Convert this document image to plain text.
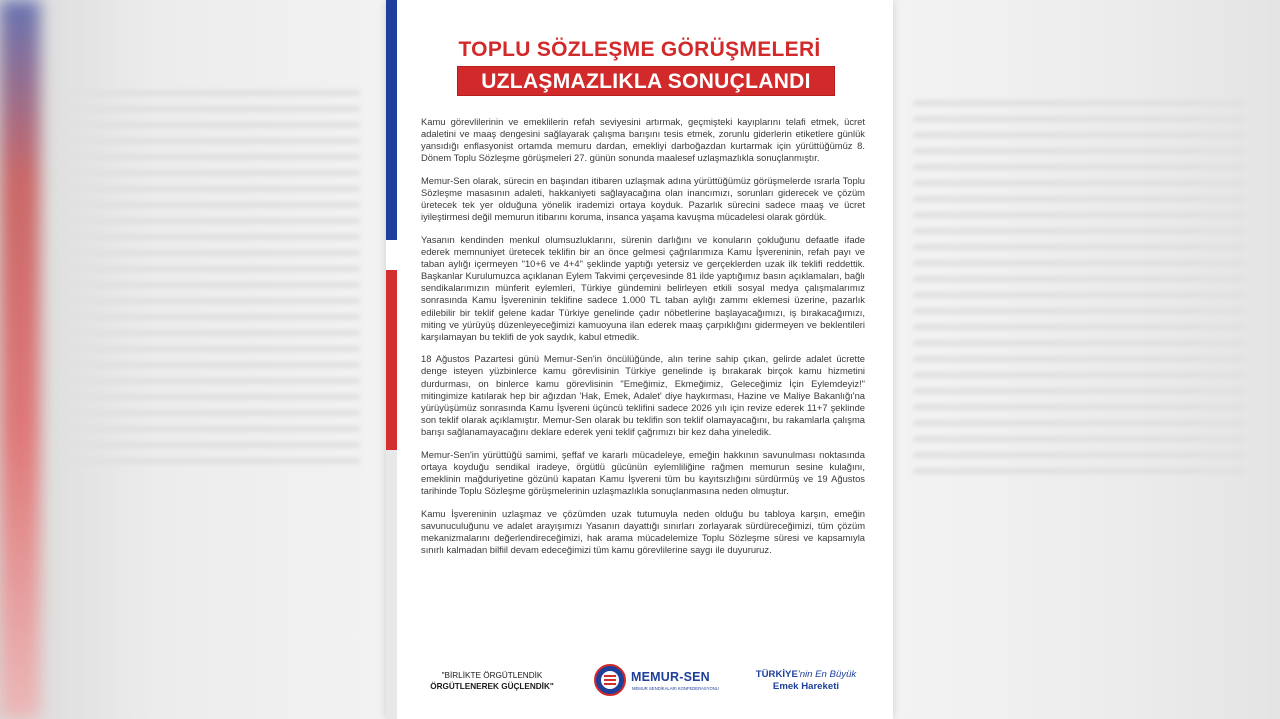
TOPLU SÖZLEŞME GÖRÜŞMELERİ
UZLAŞMAZLIKLA SONUÇLANDI

Kamu görevlilerinin ve emeklilerin refah seviyesini artırmak, geçmişteki kayıplarını telafi etmek, ücret adaletini ve maaş dengesini sağlayarak çalışma barışını tesis etmek, zorunlu giderlerin etiketlere günlük yansıdığı enflasyonist ortamda memuru dardan, emekliyi darboğazdan kurtarmak için yürüttüğümüz 8. Dönem Toplu Sözleşme görüşmeleri 27. günün sonunda maalesef uzlaşmazlıkla sonuçlanmıştır.

Memur-Sen olarak, sürecin en başından itibaren uzlaşmak adına yürüttüğümüz görüşmelerde ısrarla Toplu Sözleşme masasının adaleti, hakkaniyeti sağlayacağına olan inancımızı, sorunları giderecek ve çözüm üretecek tek yer olduğuna yönelik irademizi ortaya koyduk. Pazarlık sürecini sadece maaş ve ücret iyileştirmesi değil memurun itibarını koruma, insanca yaşama kavuşma mücadelesi olarak gördük.

Yasanın kendinden menkul olumsuzluklarını, sürenin darlığını ve konuların çokluğunu defaatle ifade ederek memnuniyet üretecek teklifin bir an önce gelmesi çağrılarımıza Kamu İşvereninin, refah payı ve taban aylığı içermeyen "10+6 ve 4+4" şeklinde yaptığı yetersiz ve gerçeklerden uzak ilk teklifi reddettik. Başkanlar Kurulumuzca açıklanan Eylem Takvimi çerçevesinde 81 ilde yaptığımız basın açıklamaları, bağlı sendikalarımızın münferit eylemleri, Türkiye gündemini belirleyen etkili sosyal medya çalışmalarımız sonrasında Kamu İşvereninin teklifine sadece 1.000 TL taban aylığı zammı eklemesi üzerine, pazarlık edilebilir bir teklif gelene kadar Türkiye genelinde çadır nöbetlerine başlayacağımızı, iş bırakacağımızı, miting ve yürüyüş düzenleyeceğimizi kamuoyuna ilan ederek maaş çarpıklığını gidermeyen ve beklentileri karşılamayan bu teklifi de yok saydık, kabul etmedik.

18 Ağustos Pazartesi günü Memur-Sen'in öncülüğünde, alın terine sahip çıkan, gelirde adalet ücrette denge isteyen yüzbinlerce kamu görevlisinin Türkiye genelinde iş bırakarak birçok kamu hizmetini durdurması, on binlerce kamu görevlisinin "Emeğimiz, Ekmeğimiz, Geleceğimiz İçin Eylemdeyiz!" mitingimize katılarak hep bir ağızdan 'Hak, Emek, Adalet' diye haykırması, Hazine ve Maliye Bakanlığı'na yürüyüşümüz sonrasında Kamu İşvereni üçüncü teklifini sadece 2026 yılı için revize ederek 11+7 şeklinde son teklif olarak açıklamıştır. Memur-Sen olarak bu teklifin son teklif olamayacağını, bu rakamlarla çalışma barışı sağlanamayacağını deklare ederek yeni teklif çağrımızı bir kez daha yineledik.

Memur-Sen'in yürüttüğü samimi, şeffaf ve kararlı mücadeleye, emeğin hakkının savunulması noktasında ortaya koyduğu sendikal iradeye, örgütlü gücünün eylemliliğine rağmen memurun sesine kulağını, emeklinin mağduriyetine gözünü kapatan Kamu İşvereni tüm bu kayıtsızlığını sürdürmüş ve 19 Ağustos tarihinde Toplu Sözleşme görüşmelerinin uzlaşmazlıkla sonuçlanmasına neden olmuştur.

Kamu İşvereninin uzlaşmaz ve çözümden uzak tutumuyla neden olduğu bu tabloya karşın, emeğin savunuculuğunu ve adalet arayışımızı Yasanın dayattığı sınırları zorlayarak sürdüreceğimizi, tüm çözüm mekanizmalarını değerlendireceğimizi, hak arama mücadelemize Toplu Sözleşme süresi ve kapsamıyla sınırlı kalmadan bilfiil devam edeceğimizi tüm kamu görevlilerine saygı ile duyururuz.

"BİRLİKTE ÖRGÜTLENDİK
ÖRGÜTLENEREK GÜÇLENDİK"
MEMUR-SEN
MEMUR SENDİKALARI KONFEDERASYONU
TÜRKİYE'nin En Büyük
Emek Hareketi
